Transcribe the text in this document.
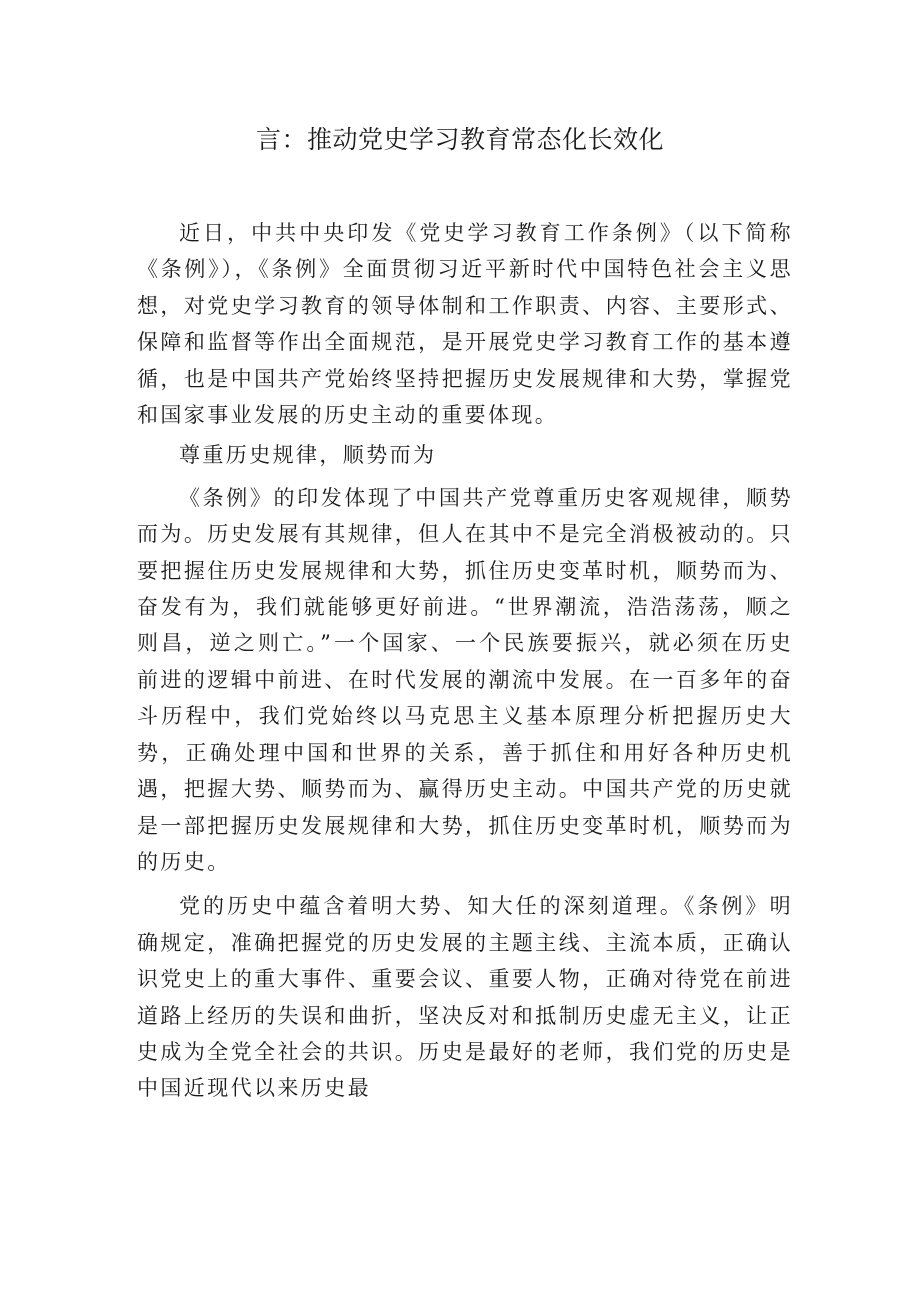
言：推动党史学习教育常态化长效化

近日，中共中央印发《党史学习教育工作条例》（以下简称《条例》），《条例》全面贯彻习近平新时代中国特色社会主义思想，对党史学习教育的领导体制和工作职责、内容、主要形式、保障和监督等作出全面规范，是开展党史学习教育工作的基本遵循，也是中国共产党始终坚持把握历史发展规律和大势，掌握党和国家事业发展的历史主动的重要体现。

尊重历史规律，顺势而为

《条例》的印发体现了中国共产党尊重历史客观规律，顺势而为。历史发展有其规律，但人在其中不是完全消极被动的。只要把握住历史发展规律和大势，抓住历史变革时机，顺势而为、奋发有为，我们就能够更好前进。“世界潮流，浩浩荡荡，顺之则昌，逆之则亡。”一个国家、一个民族要振兴，就必须在历史前进的逻辑中前进、在时代发展的潮流中发展。在一百多年的奋斗历程中，我们党始终以马克思主义基本原理分析把握历史大势，正确处理中国和世界的关系，善于抓住和用好各种历史机遇，把握大势、顺势而为、赢得历史主动。中国共产党的历史就是一部把握历史发展规律和大势，抓住历史变革时机，顺势而为的历史。

党的历史中蕴含着明大势、知大任的深刻道理。《条例》明确规定，准确把握党的历史发展的主题主线、主流本质，正确认识党史上的重大事件、重要会议、重要人物，正确对待党在前进道路上经历的失误和曲折，坚决反对和抵制历史虚无主义，让正史成为全党全社会的共识。历史是最好的老师，我们党的历史是中国近现代以来历史最
